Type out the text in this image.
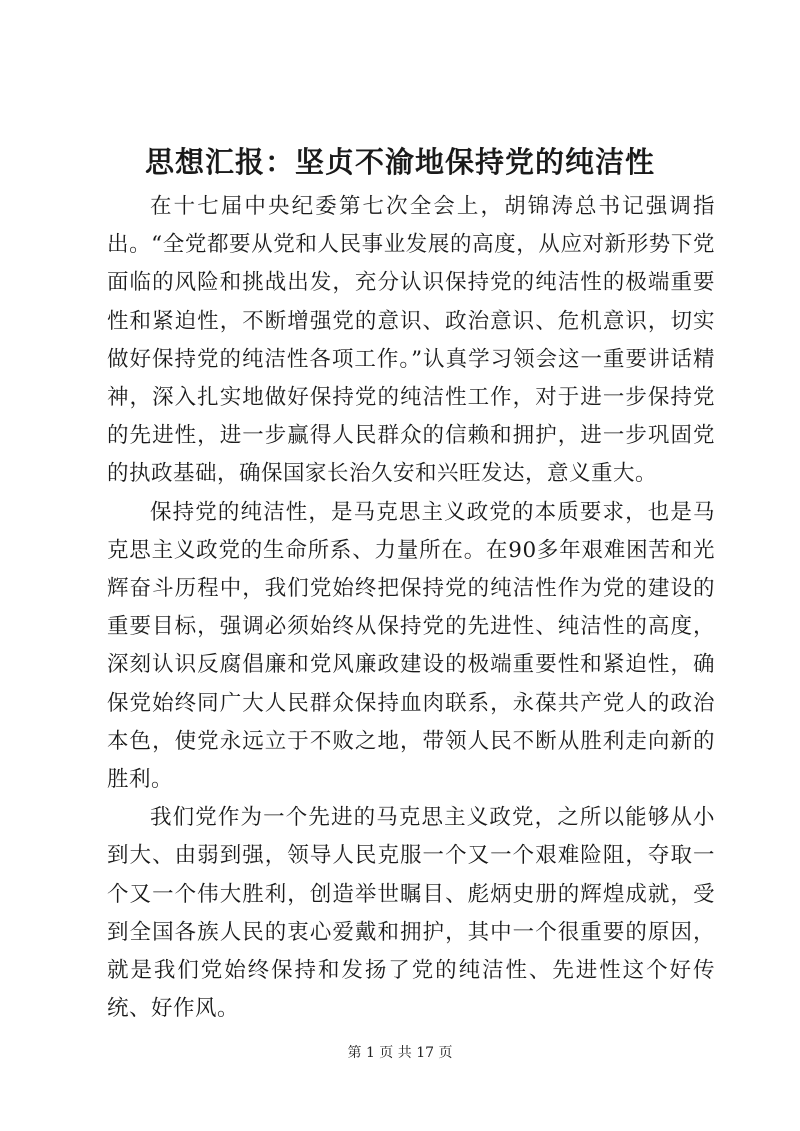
思想汇报：坚贞不渝地保持党的纯洁性

在十七届中央纪委第七次全会上，胡锦涛总书记强调指出。“全党都要从党和人民事业发展的高度，从应对新形势下党面临的风险和挑战出发，充分认识保持党的纯洁性的极端重要性和紧迫性，不断增强党的意识、政治意识、危机意识，切实做好保持党的纯洁性各项工作。”认真学习领会这一重要讲话精神，深入扎实地做好保持党的纯洁性工作，对于进一步保持党的先进性，进一步赢得人民群众的信赖和拥护，进一步巩固党的执政基础，确保国家长治久安和兴旺发达，意义重大。

保持党的纯洁性，是马克思主义政党的本质要求，也是马克思主义政党的生命所系、力量所在。在90多年艰难困苦和光辉奋斗历程中，我们党始终把保持党的纯洁性作为党的建设的重要目标，强调必须始终从保持党的先进性、纯洁性的高度，深刻认识反腐倡廉和党风廉政建设的极端重要性和紧迫性，确保党始终同广大人民群众保持血肉联系，永葆共产党人的政治本色，使党永远立于不败之地，带领人民不断从胜利走向新的胜利。

我们党作为一个先进的马克思主义政党，之所以能够从小到大、由弱到强，领导人民克服一个又一个艰难险阻，夺取一个又一个伟大胜利，创造举世瞩目、彪炳史册的辉煌成就，受到全国各族人民的衷心爱戴和拥护，其中一个很重要的原因，就是我们党始终保持和发扬了党的纯洁性、先进性这个好传统、好作风。

第 1 页 共 17 页
